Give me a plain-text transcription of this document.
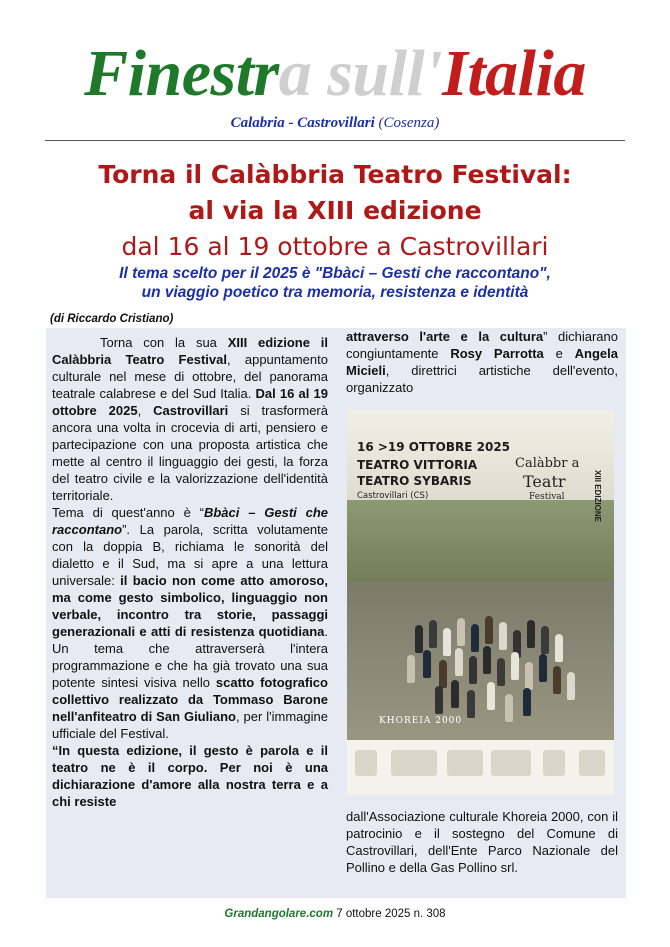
Finestra sull'Italia
Calabria - Castrovillari (Cosenza)
Torna il Calàbbria Teatro Festival:
al via la XIII edizione
dal 16 al 19 ottobre a Castrovillari
Il tema scelto per il 2025 è "Bbàci – Gesti che raccontano",
un viaggio poetico tra memoria, resistenza e identità
(di Riccardo Cristiano)

Torna con la sua XIII edizione il Calàbbria Teatro Festival, appuntamento culturale nel mese di ottobre, del panorama teatrale calabrese e del Sud Italia. Dal 16 al 19 ottobre 2025, Castrovillari si trasformerà ancora una volta in crocevia di arti, pensiero e partecipazione con una proposta artistica che mette al centro il linguaggio dei gesti, la forza del teatro civile e la valorizzazione dell'identità territoriale.

Tema di quest'anno è “Bbàci – Gesti che raccontano”. La parola, scritta volutamente con la doppia B, richiama le sonorità del dialetto e il Sud, ma si apre a una lettura universale: il bacio non come atto amoroso, ma come gesto simbolico, linguaggio non verbale, incontro tra storie, passaggi generazionali e atti di resistenza quotidiana. Un tema che attraverserà l'intera programmazione e che ha già trovato una sua potente sintesi visiva nello scatto fotografico collettivo realizzato da Tommaso Barone nell'anfiteatro di San Giuliano, per l'immagine ufficiale del Festival.

“In questa edizione, il gesto è parola e il teatro ne è il corpo. Per noi è una dichiarazione d'amore alla nostra terra e a chi resiste

attraverso l'arte e la cultura” dichiarano congiuntamente Rosy Parrotta e Angela Micieli, direttrici artistiche dell'evento, organizzato

16 >19 OTTOBRE 2025
TEATRO VITTORIA
TEATRO SYBARIS
Castrovillari (CS)
Calàbbr a
Teatr
Festival	XIII EDIZIONE
KHOREIA 2000

dall'Associazione culturale Khoreia 2000, con il patrocinio e il sostegno del Comune di Castrovillari, dell'Ente Parco Nazionale del Pollino e della Gas Pollino srl.

Grandangolare.com 7 ottobre 2025 n. 308
